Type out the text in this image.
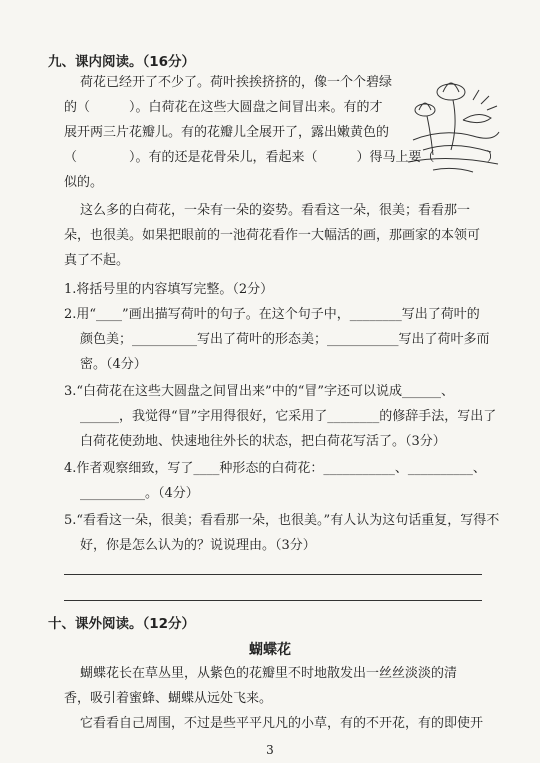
九、课内阅读。（16分）
荷花已经开了不少了。荷叶挨挨挤挤的，像一个个碧绿
的（　　　）。白荷花在这些大圆盘之间冒出来。有的才
展开两三片花瓣儿。有的花瓣儿全展开了，露出嫩黄色的
（　　　　）。有的还是花骨朵儿，看起来（　　　）得马上要（　　　　）
似的。
这么多的白荷花，一朵有一朵的姿势。看看这一朵，很美；看看那一
朵，也很美。如果把眼前的一池荷花看作一大幅活的画，那画家的本领可
真了不起。
1.将括号里的内容填写完整。（2分）
2.用“____”画出描写荷叶的句子。在这个句子中，________写出了荷叶的
颜色美；__________写出了荷叶的形态美；___________写出了荷叶多而
密。（4分）
3.“白荷花在这些大圆盘之间冒出来”中的“冒”字还可以说成______、
______，我觉得“冒”字用得很好，它采用了________的修辞手法，写出了
白荷花使劲地、快速地往外长的状态，把白荷花写活了。（3分）
4.作者观察细致，写了____种形态的白荷花：___________、__________、
__________。（4分）
5.“看看这一朵，很美；看看那一朵，也很美。”有人认为这句话重复，写得不
好，你是怎么认为的？说说理由。（3分）
十、课外阅读。（12分）
蝴蝶花
蝴蝶花长在草丛里，从紫色的花瓣里不时地散发出一丝丝淡淡的清
香，吸引着蜜蜂、蝴蝶从远处飞来。
它看看自己周围，不过是些平平凡凡的小草，有的不开花，有的即使开
3
